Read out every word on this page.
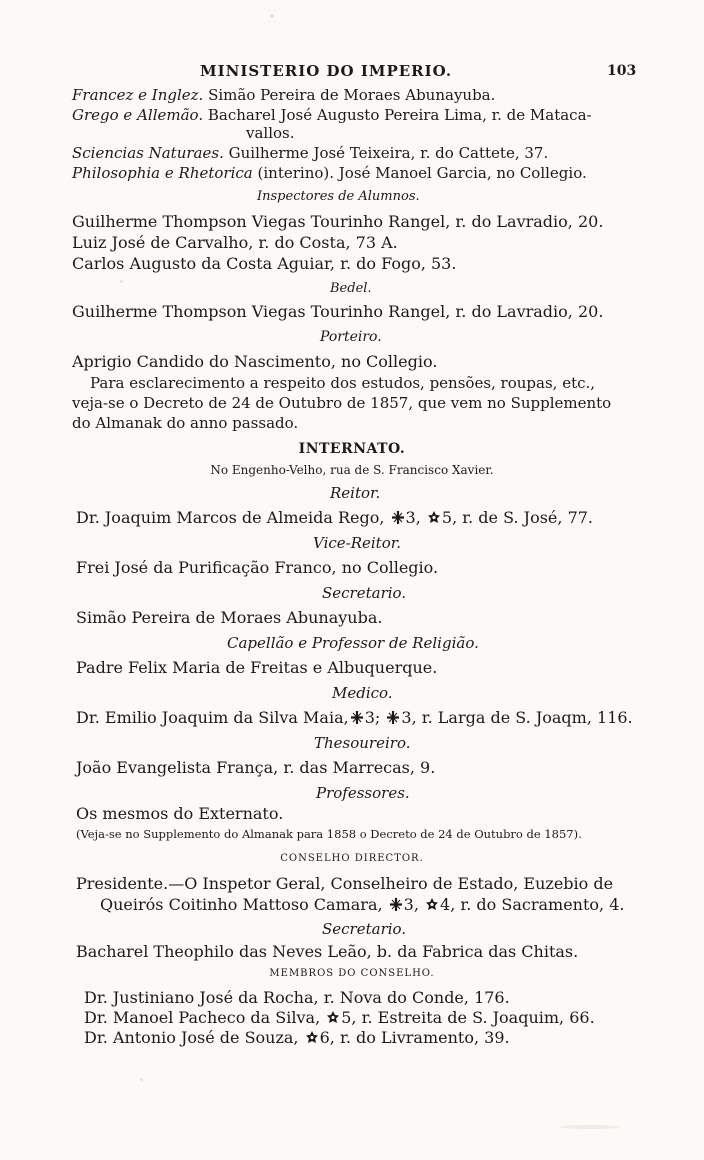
MINISTERIO DO IMPERIO.	103
Francez e Inglez. Simão Pereira de Moraes Abunayuba.
Grego e Allemão. Bacharel José Augusto Pereira Lima, r. de Mataca-
vallos.
Sciencias Naturaes. Guilherme José Teixeira, r. do Cattete, 37.
Philosophia e Rhetorica (interino). José Manoel Garcia, no Collegio.
Inspectores de Alumnos.
Guilherme Thompson Viegas Tourinho Rangel, r. do Lavradio, 20.
Luiz José de Carvalho, r. do Costa, 73 A.
Carlos Augusto da Costa Aguiar, r. do Fogo, 53.
Bedel.
Guilherme Thompson Viegas Tourinho Rangel, r. do Lavradio, 20.
Porteiro.
Aprigio Candido do Nascimento, no Collegio.
Para esclarecimento a respeito dos estudos, pensões, roupas, etc.,
veja-se o Decreto de 24 de Outubro de 1857, que vem no Supplemento
do Almanak do anno passado.
INTERNATO.
No Engenho-Velho, rua de S. Francisco Xavier.
Reitor.
Dr. Joaquim Marcos de Almeida Rego, 3, 5, r. de S. José, 77.
Vice-Reitor.
Frei José da Purificação Franco, no Collegio.
Secretario.
Simão Pereira de Moraes Abunayuba.
Capellão e Professor de Religião.
Padre Felix Maria de Freitas e Albuquerque.
Medico.
Dr. Emilio Joaquim da Silva Maia, 3; 3, r. Larga de S. Joaqm, 116.
Thesoureiro.
João Evangelista França, r. das Marrecas, 9.
Professores.
Os mesmos do Externato.
(Veja-se no Supplemento do Almanak para 1858 o Decreto de 24 de Outubro de 1857).
CONSELHO DIRECTOR.
Presidente.—O Inspetor Geral, Conselheiro de Estado, Euzebio de
Queirós Coitinho Mattoso Camara, 3, 4, r. do Sacramento, 4.
Secretario.
Bacharel Theophilo das Neves Leão, b. da Fabrica das Chitas.
MEMBROS DO CONSELHO.
Dr. Justiniano José da Rocha, r. Nova do Conde, 176.
Dr. Manoel Pacheco da Silva, 5, r. Estreita de S. Joaquim, 66.
Dr. Antonio José de Souza, 6, r. do Livramento, 39.
